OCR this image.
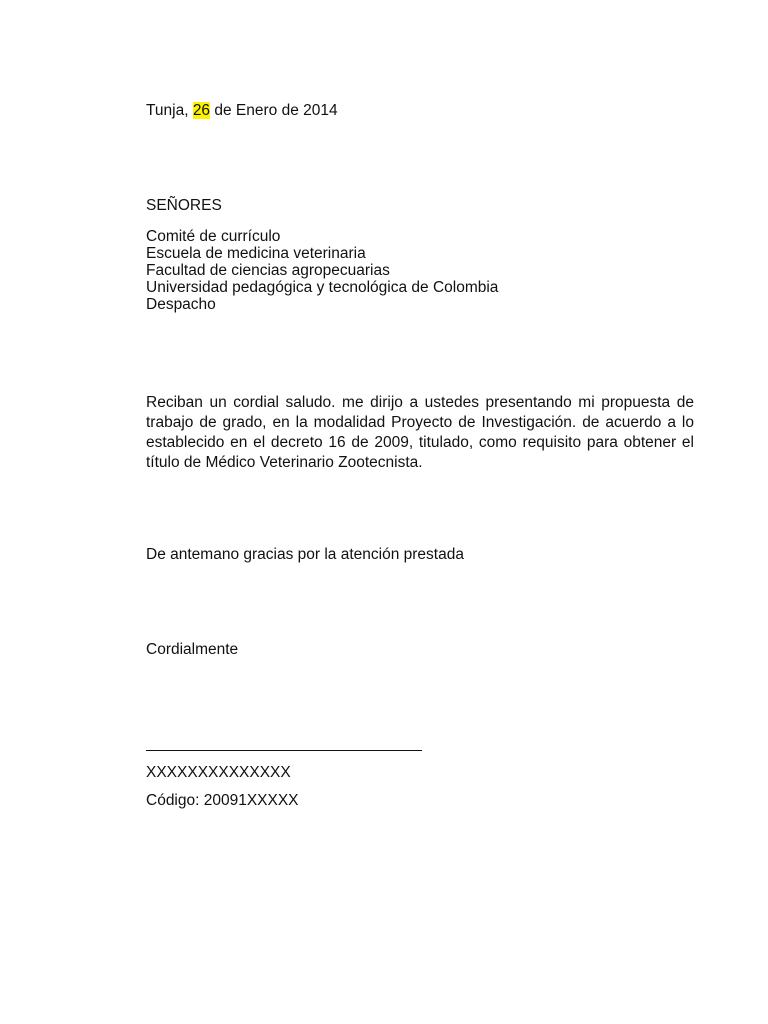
Tunja, 26 de Enero de 2014
SEÑORES
Comité de currículo
Escuela de medicina veterinaria
Facultad de ciencias agropecuarias
Universidad pedagógica y tecnológica de Colombia
Despacho
Reciban un cordial saludo. me dirijo a ustedes presentando mi propuesta de trabajo de grado, en la modalidad Proyecto de Investigación. de acuerdo a lo establecido en el decreto 16 de 2009, titulado, como requisito para obtener el título de Médico Veterinario Zootecnista.
De antemano gracias por la atención prestada
Cordialmente
XXXXXXXXXXXXXX
Código: 20091XXXXX
